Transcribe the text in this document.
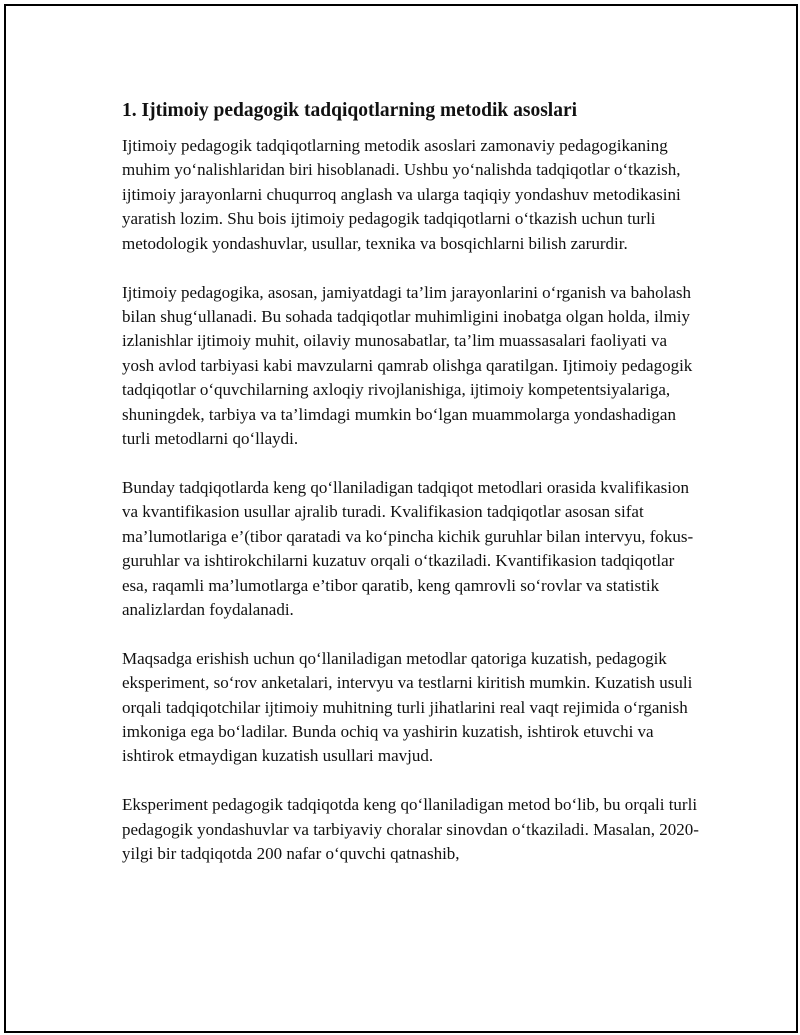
1. Ijtimoiy pedagogik tadqiqotlarning metodik asoslari

Ijtimoiy pedagogik tadqiqotlarning metodik asoslari zamonaviy pedagogikaning muhim yo‘nalishlaridan biri hisoblanadi. Ushbu yo‘nalishda tadqiqotlar o‘tkazish, ijtimoiy jarayonlarni chuqurroq anglash va ularga taqiqiy yondashuv metodikasini yaratish lozim. Shu bois ijtimoiy pedagogik tadqiqotlarni o‘tkazish uchun turli metodologik yondashuvlar, usullar, texnika va bosqichlarni bilish zarurdir.

Ijtimoiy pedagogika, asosan, jamiyatdagi ta’lim jarayonlarini o‘rganish va baholash bilan shug‘ullanadi. Bu sohada tadqiqotlar muhimligini inobatga olgan holda, ilmiy izlanishlar ijtimoiy muhit, oilaviy munosabatlar, ta’lim muassasalari faoliyati va yosh avlod tarbiyasi kabi mavzularni qamrab olishga qaratilgan. Ijtimoiy pedagogik tadqiqotlar o‘quvchilarning axloqiy rivojlanishiga, ijtimoiy kompetentsiyalariga, shuningdek, tarbiya va ta’limdagi mumkin bo‘lgan muammolarga yondashadigan turli metodlarni qo‘llaydi.

Bunday tadqiqotlarda keng qo‘llaniladigan tadqiqot metodlari orasida kvalifikasion va kvantifikasion usullar ajralib turadi. Kvalifikasion tadqiqotlar asosan sifat ma’lumotlariga e’(tibor qaratadi va ko‘pincha kichik guruhlar bilan intervyu, fokus-guruhlar va ishtirokchilarni kuzatuv orqali o‘tkaziladi. Kvantifikasion tadqiqotlar esa, raqamli ma’lumotlarga e’tibor qaratib, keng qamrovli so‘rovlar va statistik analizlardan foydalanadi.

Maqsadga erishish uchun qo‘llaniladigan metodlar qatoriga kuzatish, pedagogik eksperiment, so‘rov anketalari, intervyu va testlarni kiritish mumkin. Kuzatish usuli orqali tadqiqotchilar ijtimoiy muhitning turli jihatlarini real vaqt rejimida o‘rganish imkoniga ega bo‘ladilar. Bunda ochiq va yashirin kuzatish, ishtirok etuvchi va ishtirok etmaydigan kuzatish usullari mavjud.

Eksperiment pedagogik tadqiqotda keng qo‘llaniladigan metod bo‘lib, bu orqali turli pedagogik yondashuvlar va tarbiyaviy choralar sinovdan o‘tkaziladi. Masalan, 2020-yilgi bir tadqiqotda 200 nafar o‘quvchi qatnashib,
